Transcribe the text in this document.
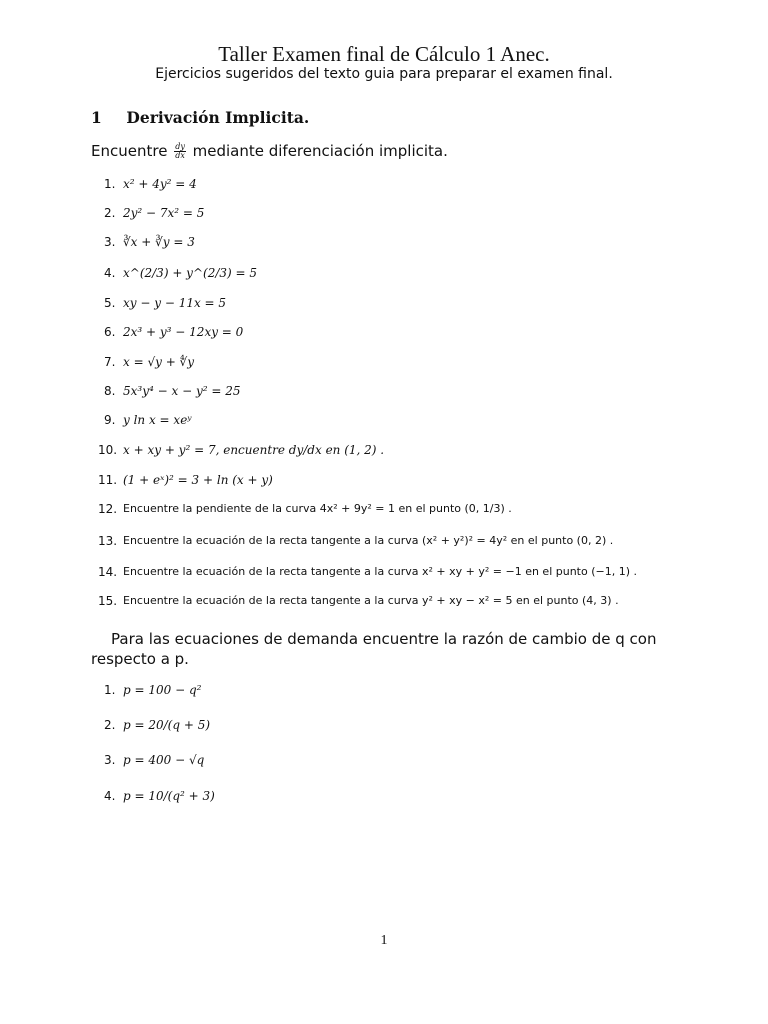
Taller Examen final de Cálculo 1 Anec.
Ejercicios sugeridos del texto guia para preparar el examen final.
1 Derivación Implicita.
Encuentre $\frac{dy}{dx}$ mediante diferenciación implicita.
1. x² + 4y² = 4
2. 2y² − 7x² = 5
3. ∛x + ∛y = 3
4. x^(2/3) + y^(2/3) = 5
5. xy − y − 11x = 5
6. 2x³ + y³ − 12xy = 0
7. x = √y + ∜y
8. 5x³y⁴ − x − y² = 25
9. y ln x = xeʸ
10. x + xy + y² = 7, encuentre dy/dx en (1, 2) .
11. (1 + eˣ)² = 3 + ln (x + y)
12. Encuentre la pendiente de la curva 4x² + 9y² = 1 en el punto (0, 1/3) .
13. Encuentre la ecuación de la recta tangente a la curva (x² + y²)² = 4y² en el punto (0, 2) .
14. Encuentre la ecuación de la recta tangente a la curva x² + xy + y² = −1 en el punto (−1, 1) .
15. Encuentre la ecuación de la recta tangente a la curva y² + xy − x² = 5 en el punto (4, 3) .
Para las ecuaciones de demanda encuentre la razón de cambio de q con respecto a p.
1. p = 100 − q²
2. p = 20/(q + 5)
3. p = 400 − √q
4. p = 10/(q² + 3)
1
